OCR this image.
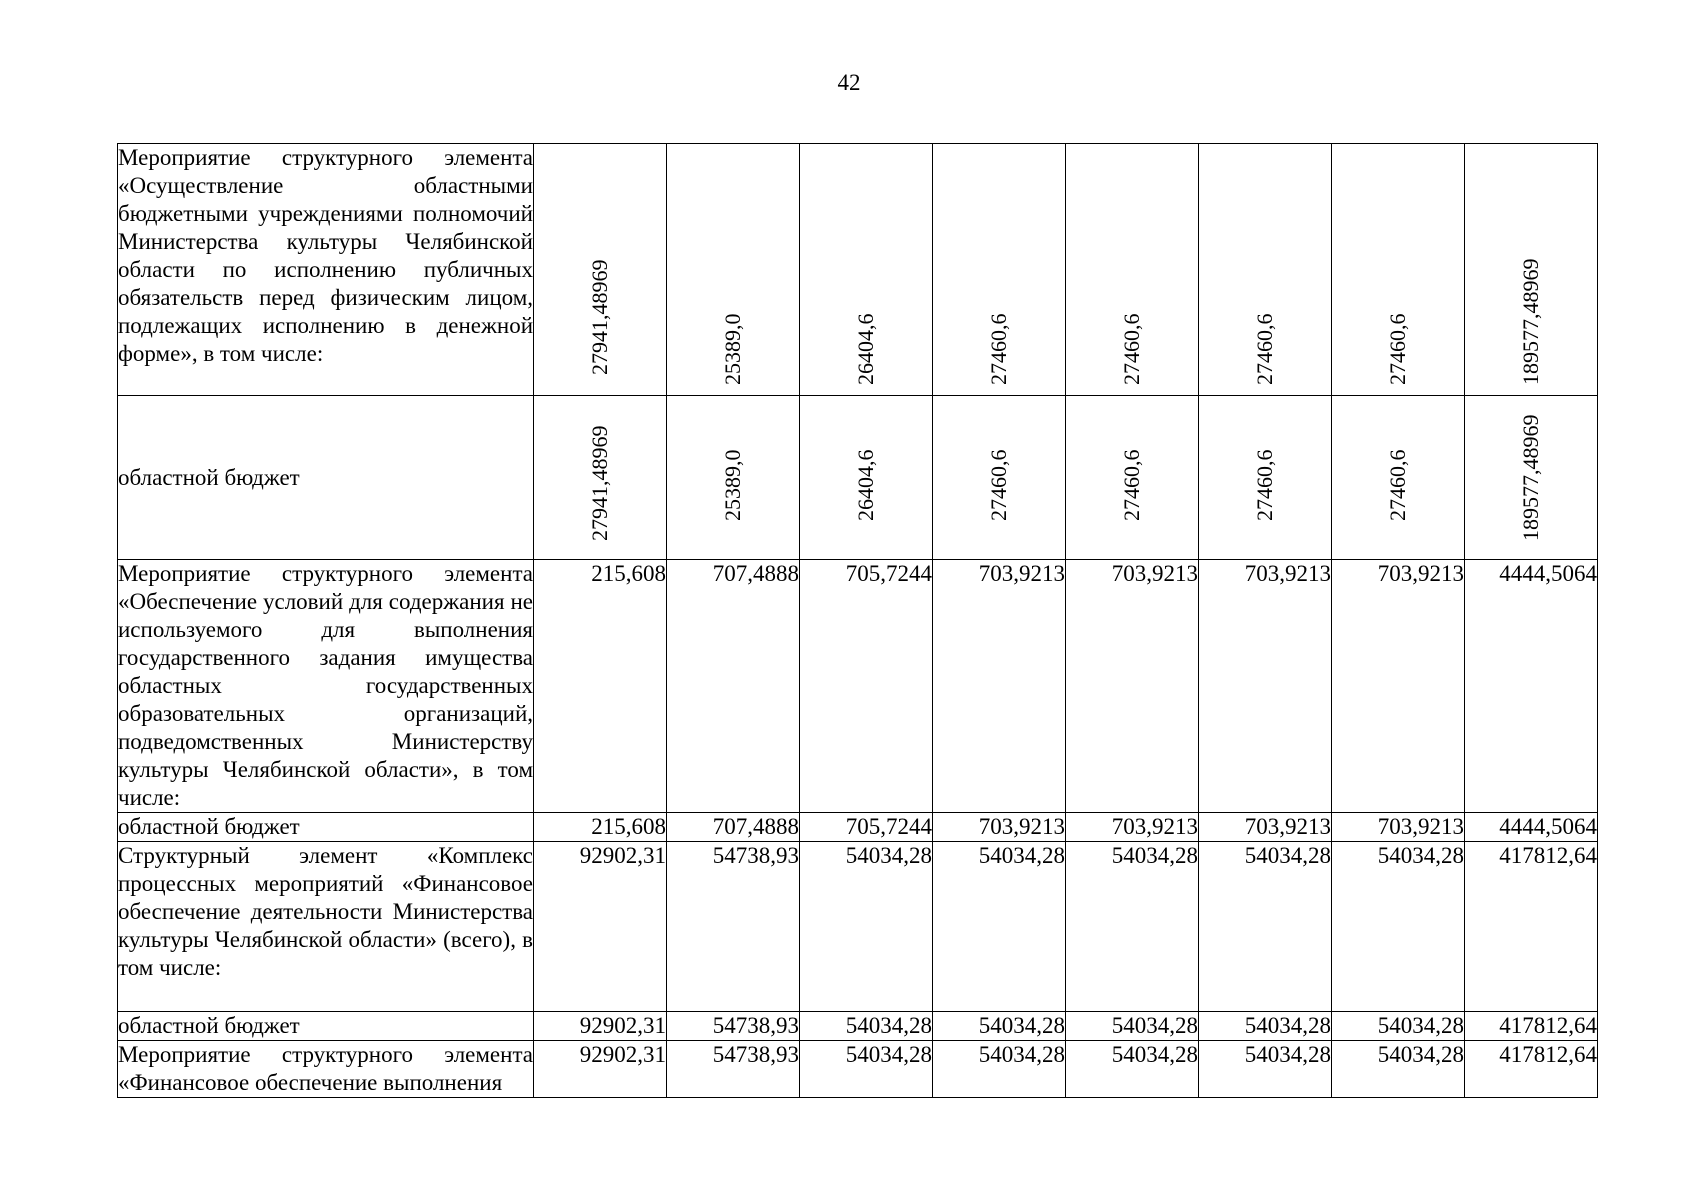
42
Мероприятие структурного элемента «Осуществление областными бюджетными учреждениями полномочий Министерства культуры Челябинской области по исполнению публичных обязательств перед физическим лицом, подлежащих исполнению в денежной форме», в том числе:	27941,48969	25389,0	26404,6	27460,6	27460,6	27460,6	27460,6	189577,48969

областной бюджет	27941,48969	25389,0	26404,6	27460,6	27460,6	27460,6	27460,6	189577,48969

Мероприятие структурного элемента «Обеспечение условий для содержания не используемого для выполнения государственного задания имущества областных государственных образовательных организаций, подведомственных Министерству культуры Челябинской области», в том числе:	215,608	707,4888	705,7244	703,9213	703,9213	703,9213	703,9213	4444,5064
областной бюджет	215,608	707,4888	705,7244	703,9213	703,9213	703,9213	703,9213	4444,5064
Структурный элемент «Комплекс процессных мероприятий «Финансовое обеспечение деятельности Министерства культуры Челябинской области» (всего), в том числе:	92902,31	54738,93	54034,28	54034,28	54034,28	54034,28	54034,28	417812,64
областной бюджет	92902,31	54738,93	54034,28	54034,28	54034,28	54034,28	54034,28	417812,64
Мероприятие структурного элемента «Финансовое обеспечение выполнения	92902,31	54738,93	54034,28	54034,28	54034,28	54034,28	54034,28	417812,64
